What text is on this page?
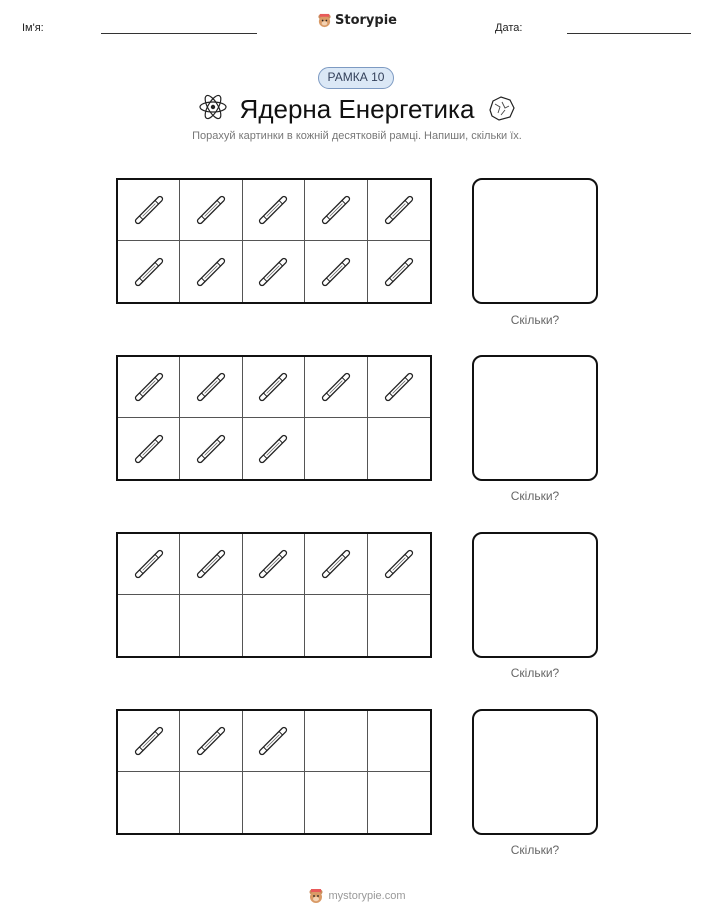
Ім'я:	Storypie	Дата:
РАМКА 10
Ядерна Енергетика
Порахуй картинки в кожній десятковій рамці. Напиши, скільки їх.
Скільки?
Скільки?
Скільки?
Скільки?
mystorypie.com
